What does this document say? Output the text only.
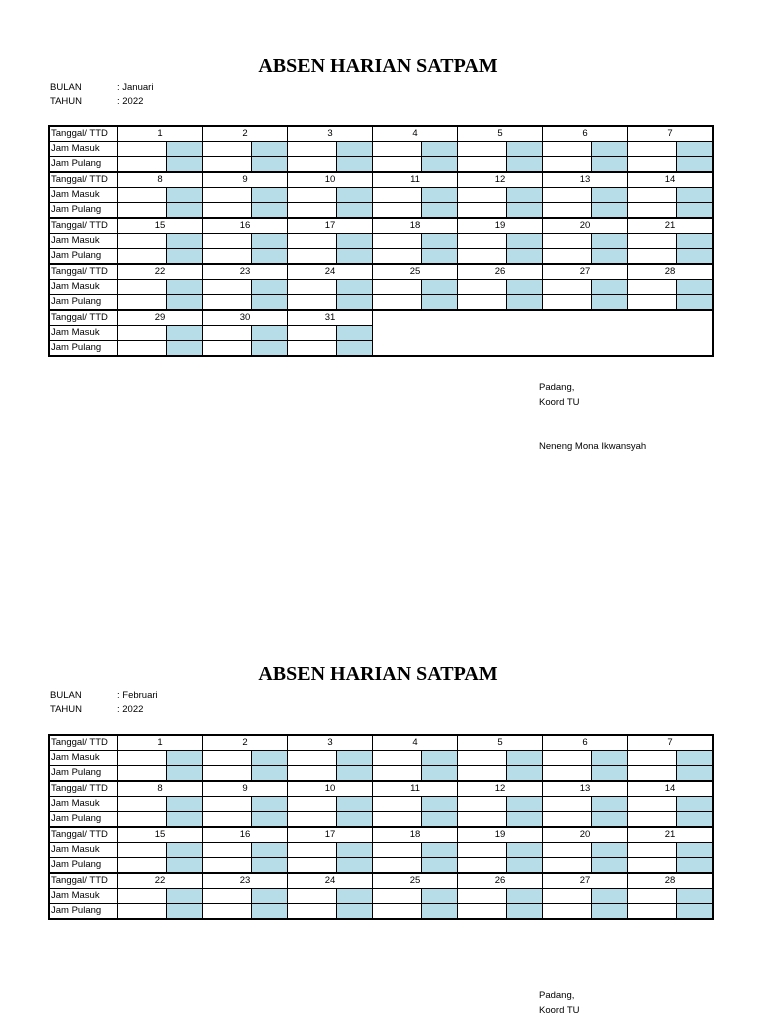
ABSEN HARIAN SATPAM
BULAN	: Januari
TAHUN	: 2022
Tanggal/ TTD	1		2		3		4		5		6		7	
Jam Masuk														
Jam Pulang														
Tanggal/ TTD	8		9		10		11		12		13		14	
Jam Masuk														
Jam Pulang														
Tanggal/ TTD	15		16		17		18		19		20		21	
Jam Masuk														
Jam Pulang														
Tanggal/ TTD	22		23		24		25		26		27		28	
Jam Masuk														
Jam Pulang														
Tanggal/ TTD	29		30		31									
Jam Masuk														
Jam Pulang														
Padang,
Koord TU
Neneng Mona Ikwansyah
ABSEN HARIAN SATPAM
BULAN	: Februari
TAHUN	: 2022
Tanggal/ TTD	1		2		3		4		5		6		7	
Jam Masuk														
Jam Pulang														
Tanggal/ TTD	8		9		10		11		12		13		14	
Jam Masuk														
Jam Pulang														
Tanggal/ TTD	15		16		17		18		19		20		21	
Jam Masuk														
Jam Pulang														
Tanggal/ TTD	22		23		24		25		26		27		28	
Jam Masuk														
Jam Pulang														
Padang,
Koord TU
